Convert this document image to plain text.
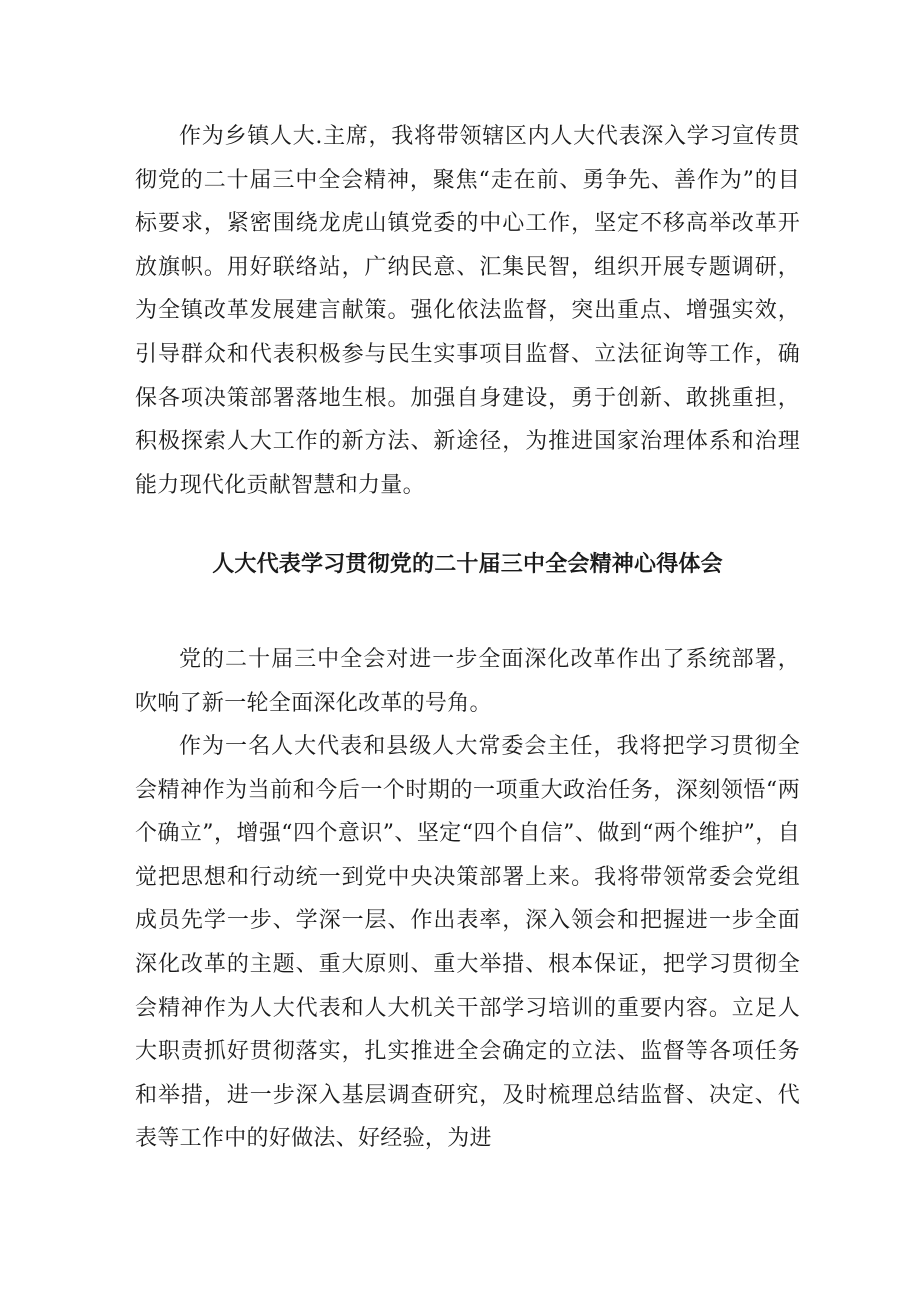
作为乡镇人大.主席，我将带领辖区内人大代表深入学习宣传贯彻党的二十届三中全会精神，聚焦“走在前、勇争先、善作为”的目标要求，紧密围绕龙虎山镇党委的中心工作，坚定不移高举改革开放旗帜。用好联络站，广纳民意、汇集民智，组织开展专题调研，为全镇改革发展建言献策。强化依法监督，突出重点、增强实效，引导群众和代表积极参与民生实事项目监督、立法征询等工作，确保各项决策部署落地生根。加强自身建设，勇于创新、敢挑重担，积极探索人大工作的新方法、新途径，为推进国家治理体系和治理能力现代化贡献智慧和力量。

人大代表学习贯彻党的二十届三中全会精神心得体会

党的二十届三中全会对进一步全面深化改革作出了系统部署，吹响了新一轮全面深化改革的号角。

作为一名人大代表和县级人大常委会主任，我将把学习贯彻全会精神作为当前和今后一个时期的一项重大政治任务，深刻领悟“两个确立”，增强“四个意识”、坚定“四个自信”、做到“两个维护”，自觉把思想和行动统一到党中央决策部署上来。我将带领常委会党组成员先学一步、学深一层、作出表率，深入领会和把握进一步全面深化改革的主题、重大原则、重大举措、根本保证，把学习贯彻全会精神作为人大代表和人大机关干部学习培训的重要内容。立足人大职责抓好贯彻落实，扎实推进全会确定的立法、监督等各项任务和举措，进一步深入基层调查研究，及时梳理总结监督、决定、代表等工作中的好做法、好经验，为进
